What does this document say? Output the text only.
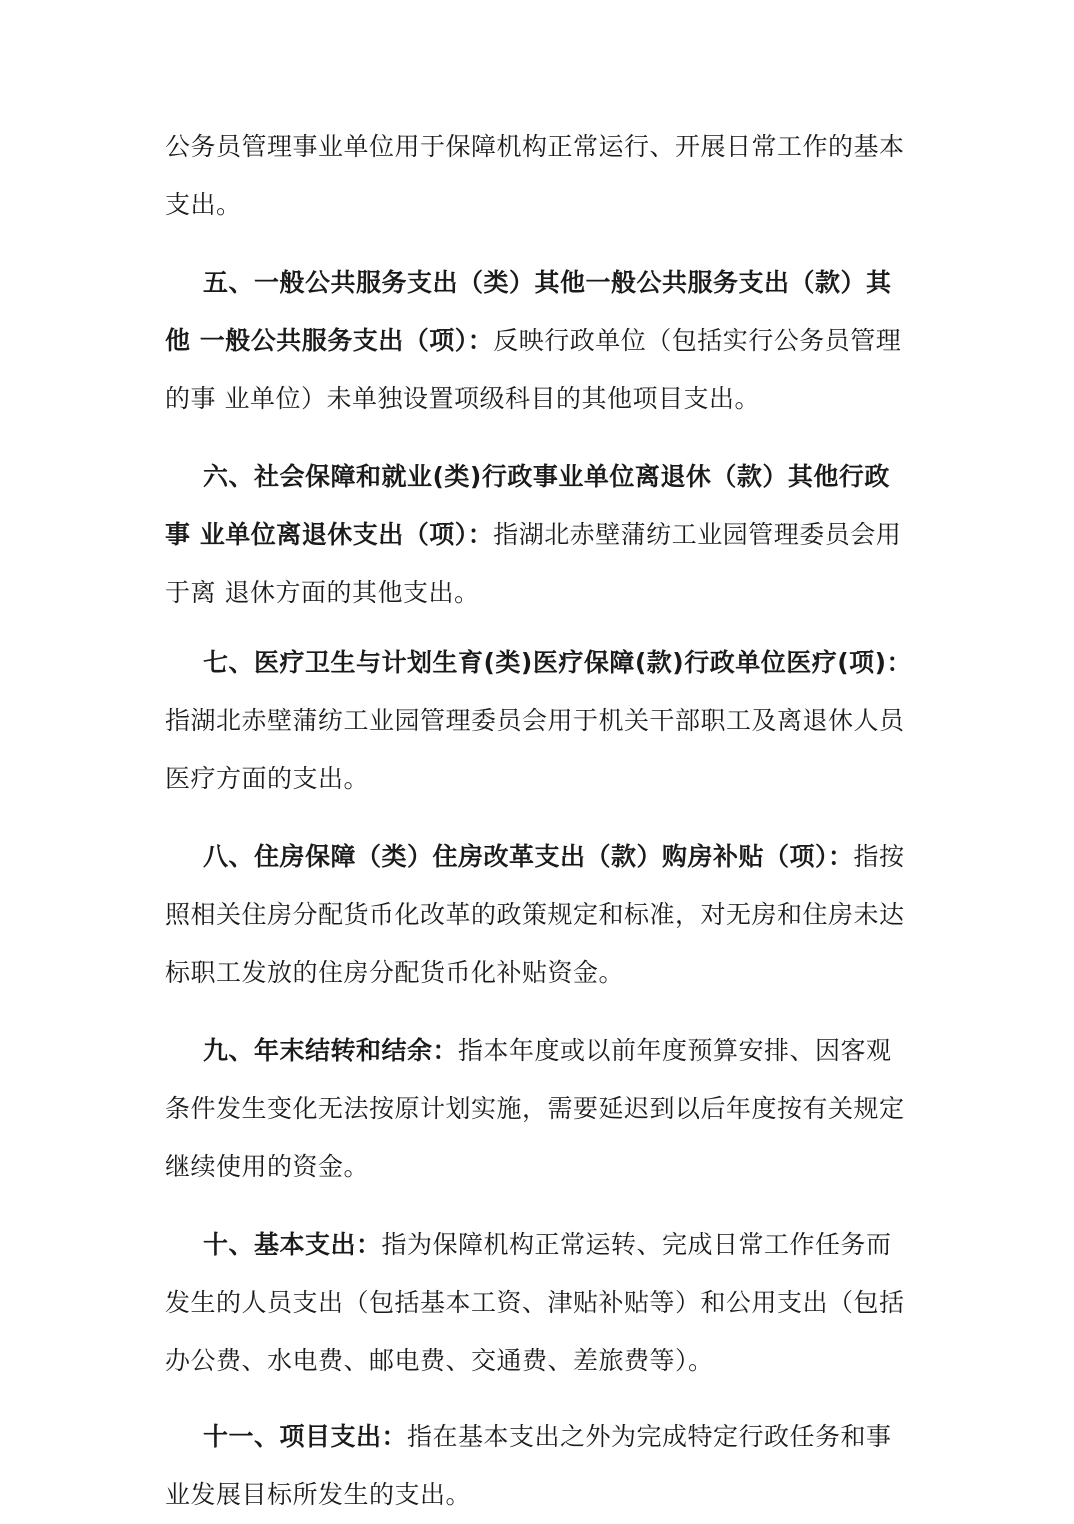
公务员管理事业单位用于保障机构正常运行、开展日常工作的基本支出。

五、一般公共服务支出（类）其他一般公共服务支出（款）其他 一般公共服务支出（项）：反映行政单位（包括实行公务员管理的事 业单位）未单独设置项级科目的其他项目支出。

六、社会保障和就业(类)行政事业单位离退休（款）其他行政事 业单位离退休支出（项）：指湖北赤壁蒲纺工业园管理委员会用于离 退休方面的其他支出。

七、医疗卫生与计划生育(类)医疗保障(款)行政单位医疗(项)：指湖北赤壁蒲纺工业园管理委员会用于机关干部职工及离退休人员医疗方面的支出。

八、住房保障（类）住房改革支出（款）购房补贴（项）：指按照相关住房分配货币化改革的政策规定和标准，对无房和住房未达标职工发放的住房分配货币化补贴资金。

九、年末结转和结余：指本年度或以前年度预算安排、因客观条件发生变化无法按原计划实施，需要延迟到以后年度按有关规定继续使用的资金。

十、基本支出：指为保障机构正常运转、完成日常工作任务而发生的人员支出（包括基本工资、津贴补贴等）和公用支出（包括办公费、水电费、邮电费、交通费、差旅费等）。

十一、项目支出：指在基本支出之外为完成特定行政任务和事业发展目标所发生的支出。
